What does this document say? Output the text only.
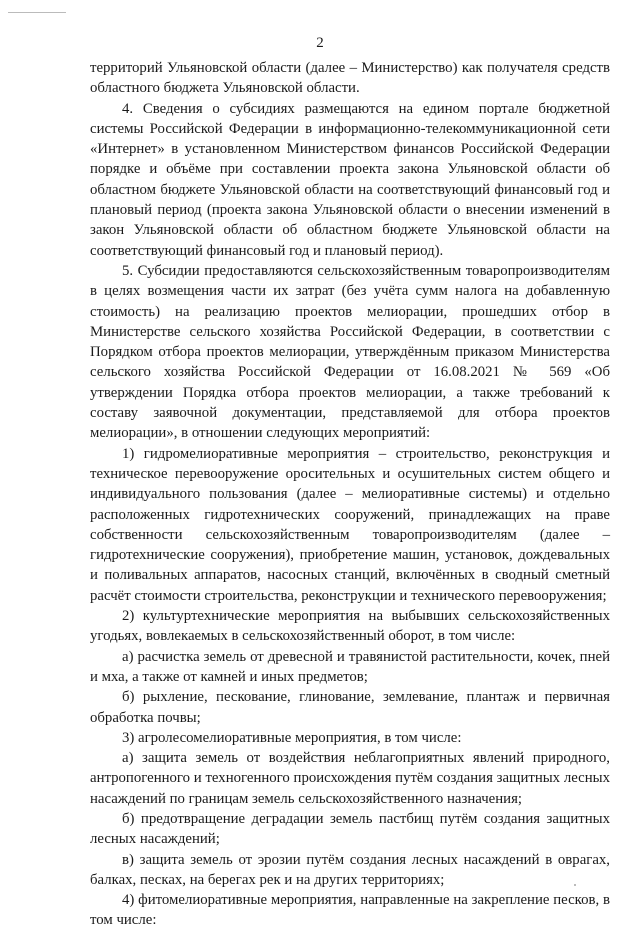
2

территорий Ульяновской области (далее – Министерство) как получателя средств областного бюджета Ульяновской области.

4. Сведения о субсидиях размещаются на едином портале бюджетной системы Российской Федерации в информационно-телекоммуникационной сети «Интернет» в установленном Министерством финансов Российской Федерации порядке и объёме при составлении проекта закона Ульяновской области об областном бюджете Ульяновской области на соответствующий финансовый год и плановый период (проекта закона Ульяновской области о внесении изменений в закон Ульяновской области об областном бюджете Ульяновской области на соответствующий финансовый год и плановый период).

5. Субсидии предоставляются сельскохозяйственным товаропроизводителям в целях возмещения части их затрат (без учёта сумм налога на добавленную стоимость) на реализацию проектов мелиорации, прошедших отбор в Министерстве сельского хозяйства Российской Федерации, в соответствии с Порядком отбора проектов мелиорации, утверждённым приказом Министерства сельского хозяйства Российской Федерации от 16.08.2021 № 569 «Об утверждении Порядка отбора проектов мелиорации, а также требований к составу заявочной документации, представляемой для отбора проектов мелиорации», в отношении следующих мероприятий:

1) гидромелиоративные мероприятия – строительство, реконструкция и техническое перевооружение оросительных и осушительных систем общего и индивидуального пользования (далее – мелиоративные системы) и отдельно расположенных гидротехнических сооружений, принадлежащих на праве собственности сельскохозяйственным товаропроизводителям (далее – гидротехнические сооружения), приобретение машин, установок, дождевальных и поливальных аппаратов, насосных станций, включённых в сводный сметный расчёт стоимости строительства, реконструкции и технического перевооружения;

2) культуртехнические мероприятия на выбывших сельскохозяйственных угодьях, вовлекаемых в сельскохозяйственный оборот, в том числе:

а) расчистка земель от древесной и травянистой растительности, кочек, пней и мха, а также от камней и иных предметов;

б) рыхление, пескование, глинование, землевание, плантаж и первичная обработка почвы;

3) агролесомелиоративные мероприятия, в том числе:

а) защита земель от воздействия неблагоприятных явлений природного, антропогенного и техногенного происхождения путём создания защитных лесных насаждений по границам земель сельскохозяйственного назначения;

б) предотвращение деградации земель пастбищ путём создания защитных лесных насаждений;

в) защита земель от эрозии путём создания лесных насаждений в оврагах, балках, песках, на берегах рек и на других территориях;

4) фитомелиоративные мероприятия, направленные на закрепление песков, в том числе:
